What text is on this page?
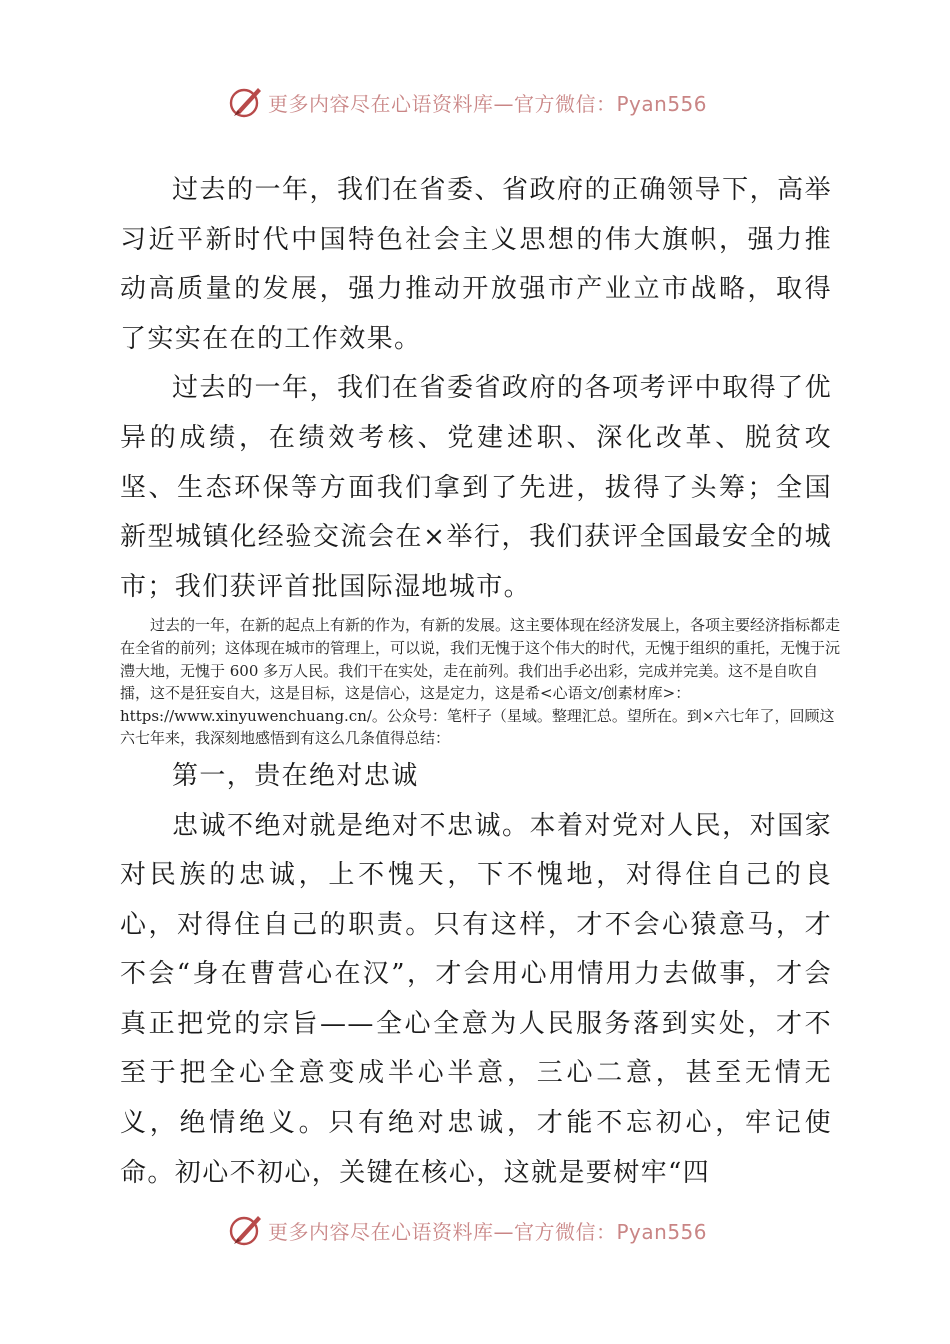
更多内容尽在心语资料库—官方微信：Pyan556

过去的一年，我们在省委、省政府的正确领导下，高举习近平新时代中国特色社会主义思想的伟大旗帜，强力推动高质量的发展，强力推动开放强市产业立市战略，取得了实实在在的工作效果。

过去的一年，我们在省委省政府的各项考评中取得了优异的成绩，在绩效考核、党建述职、深化改革、脱贫攻坚、生态环保等方面我们拿到了先进，拔得了头筹；全国新型城镇化经验交流会在×举行，我们获评全国最安全的城市；我们获评首批国际湿地城市。

过去的一年，在新的起点上有新的作为，有新的发展。这主要体现在经济发展上，各项主要经济指标都走在全省的前列；这体现在城市的管理上，可以说，我们无愧于这个伟大的时代，无愧于组织的重托，无愧于沅澧大地，无愧于 600 多万人民。我们干在实处，走在前列。我们出手必出彩，完成并完美。这不是自吹自擂，这不是狂妄自大，这是目标，这是信心，这是定力，这是希<心语文/创素材库>：https://www.xinyuwenchuang.cn/。公众号：笔杆子（星域。整理汇总。望所在。到×六七年了，回顾这六七年来，我深刻地感悟到有这么几条值得总结：

第一，贵在绝对忠诚

忠诚不绝对就是绝对不忠诚。本着对党对人民，对国家对民族的忠诚，上不愧天，下不愧地，对得住自己的良心，对得住自己的职责。只有这样，才不会心猿意马，才不会“身在曹营心在汉”，才会用心用情用力去做事，才会真正把党的宗旨——全心全意为人民服务落到实处，才不至于把全心全意变成半心半意，三心二意，甚至无情无义，绝情绝义。只有绝对忠诚，才能不忘初心，牢记使命。初心不初心，关键在核心，这就是要树牢“四

更多内容尽在心语资料库—官方微信：Pyan556
